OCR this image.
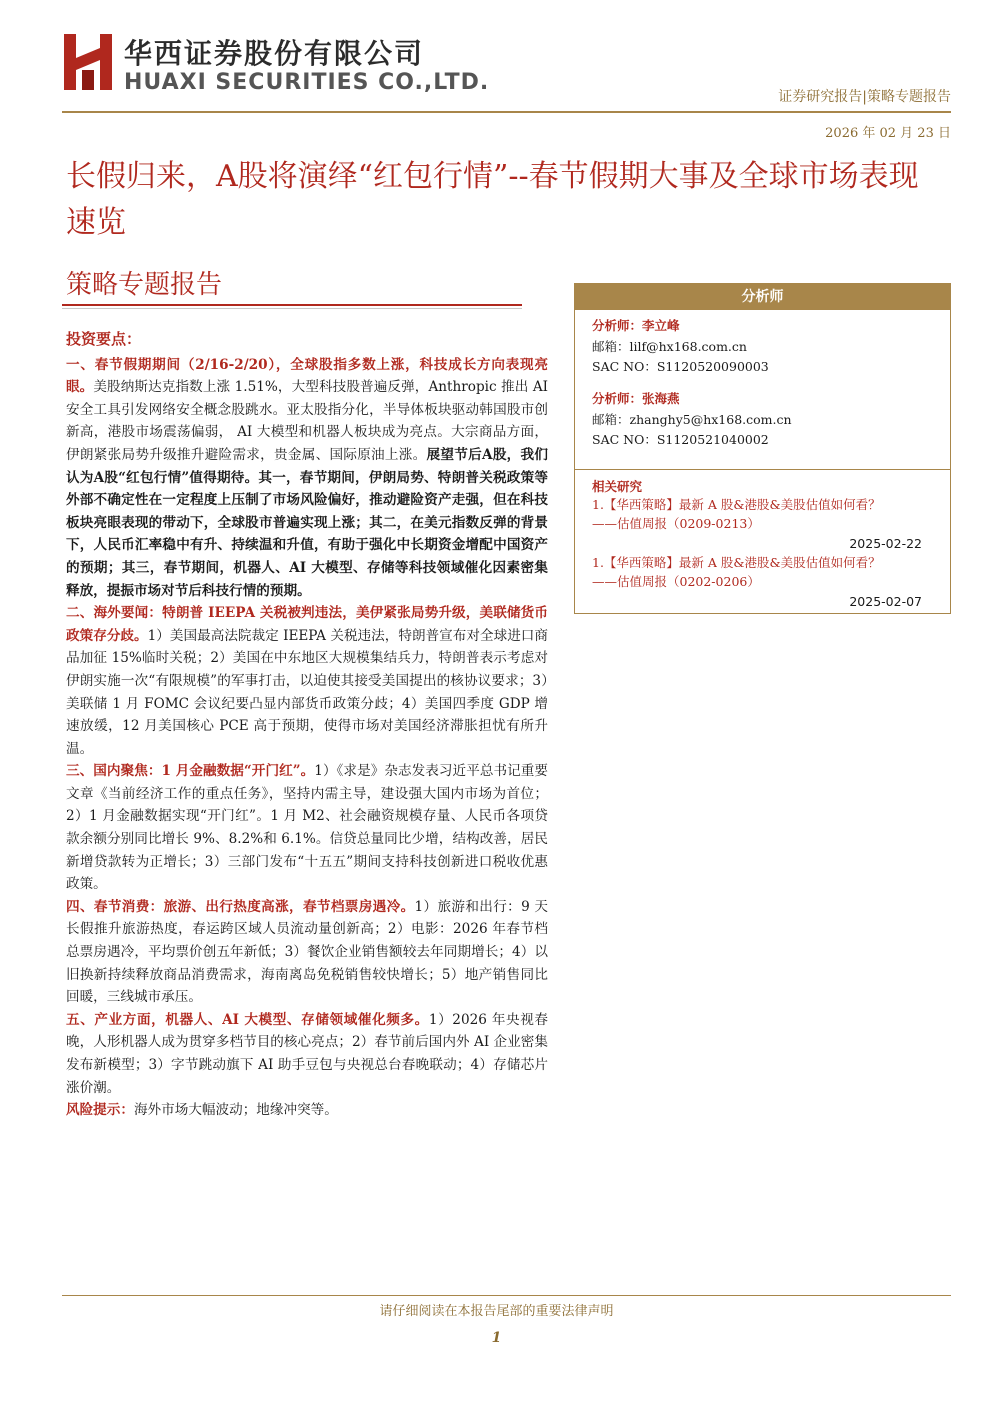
华西证券股份有限公司
HUAXI SECURITIES CO.,LTD.
证券研究报告|策略专题报告
2026 年 02 月 23 日
长假归来，A股将演绎“红包行情”--春节假期大事及全球市场表现速览
策略专题报告

投资要点：

一、春节假期期间（2/16-2/20），全球股指多数上涨，科技成长方向表现亮眼。美股纳斯达克指数上涨 1.51%，大型科技股普遍反弹，Anthropic 推出 AI 安全工具引发网络安全概念股跳水。亚太股指分化，半导体板块驱动韩国股市创新高，港股市场震荡偏弱， AI 大模型和机器人板块成为亮点。大宗商品方面，伊朗紧张局势升级推升避险需求，贵金属、国际原油上涨。展望节后A股，我们认为A股“红包行情”值得期待。其一，春节期间，伊朗局势、特朗普关税政策等外部不确定性在一定程度上压制了市场风险偏好，推动避险资产走强，但在科技板块亮眼表现的带动下，全球股市普遍实现上涨；其二，在美元指数反弹的背景下，人民币汇率稳中有升、持续温和升值，有助于强化中长期资金增配中国资产的预期；其三，春节期间，机器人、AI 大模型、存储等科技领域催化因素密集释放，提振市场对节后科技行情的预期。

二、海外要闻：特朗普 IEEPA 关税被判违法，美伊紧张局势升级，美联储货币政策存分歧。1）美国最高法院裁定 IEEPA 关税违法，特朗普宣布对全球进口商品加征 15%临时关税；2）美国在中东地区大规模集结兵力，特朗普表示考虑对伊朗实施一次“有限规模”的军事打击，以迫使其接受美国提出的核协议要求；3）美联储 1 月 FOMC 会议纪要凸显内部货币政策分歧；4）美国四季度 GDP 增速放缓，12 月美国核心 PCE 高于预期，使得市场对美国经济滞胀担忧有所升温。

三、国内聚焦：1 月金融数据“开门红”。1）《求是》杂志发表习近平总书记重要文章《当前经济工作的重点任务》，坚持内需主导，建设强大国内市场为首位；2）1 月金融数据实现“开门红”。1 月 M2、社会融资规模存量、人民币各项贷款余额分别同比增长 9%、8.2%和 6.1%。信贷总量同比少增，结构改善，居民新增贷款转为正增长；3）三部门发布“十五五”期间支持科技创新进口税收优惠政策。

四、春节消费：旅游、出行热度高涨，春节档票房遇冷。1）旅游和出行：9 天长假推升旅游热度，春运跨区域人员流动量创新高；2）电影：2026 年春节档总票房遇冷，平均票价创五年新低；3）餐饮企业销售额较去年同期增长；4）以旧换新持续释放商品消费需求，海南离岛免税销售较快增长；5）地产销售同比回暖，三线城市承压。

五、产业方面，机器人、AI 大模型、存储领域催化频多。1）2026 年央视春晚，人形机器人成为贯穿多档节目的核心亮点；2）春节前后国内外 AI 企业密集发布新模型；3）字节跳动旗下 AI 助手豆包与央视总台春晚联动；4）存储芯片涨价潮。

风险提示：海外市场大幅波动；地缘冲突等。

分析师
分析师：李立峰
邮箱：lilf@hx168.com.cn
SAC NO：S1120520090003
分析师：张海燕
邮箱：zhanghy5@hx168.com.cn
SAC NO：S1120521040002
相关研究
1.【华西策略】最新 A 股&港股&美股估值如何看？
——估值周报（0209-0213）
2025-02-22
1.【华西策略】最新 A 股&港股&美股估值如何看？
——估值周报（0202-0206）
2025-02-07
请仔细阅读在本报告尾部的重要法律声明
1
